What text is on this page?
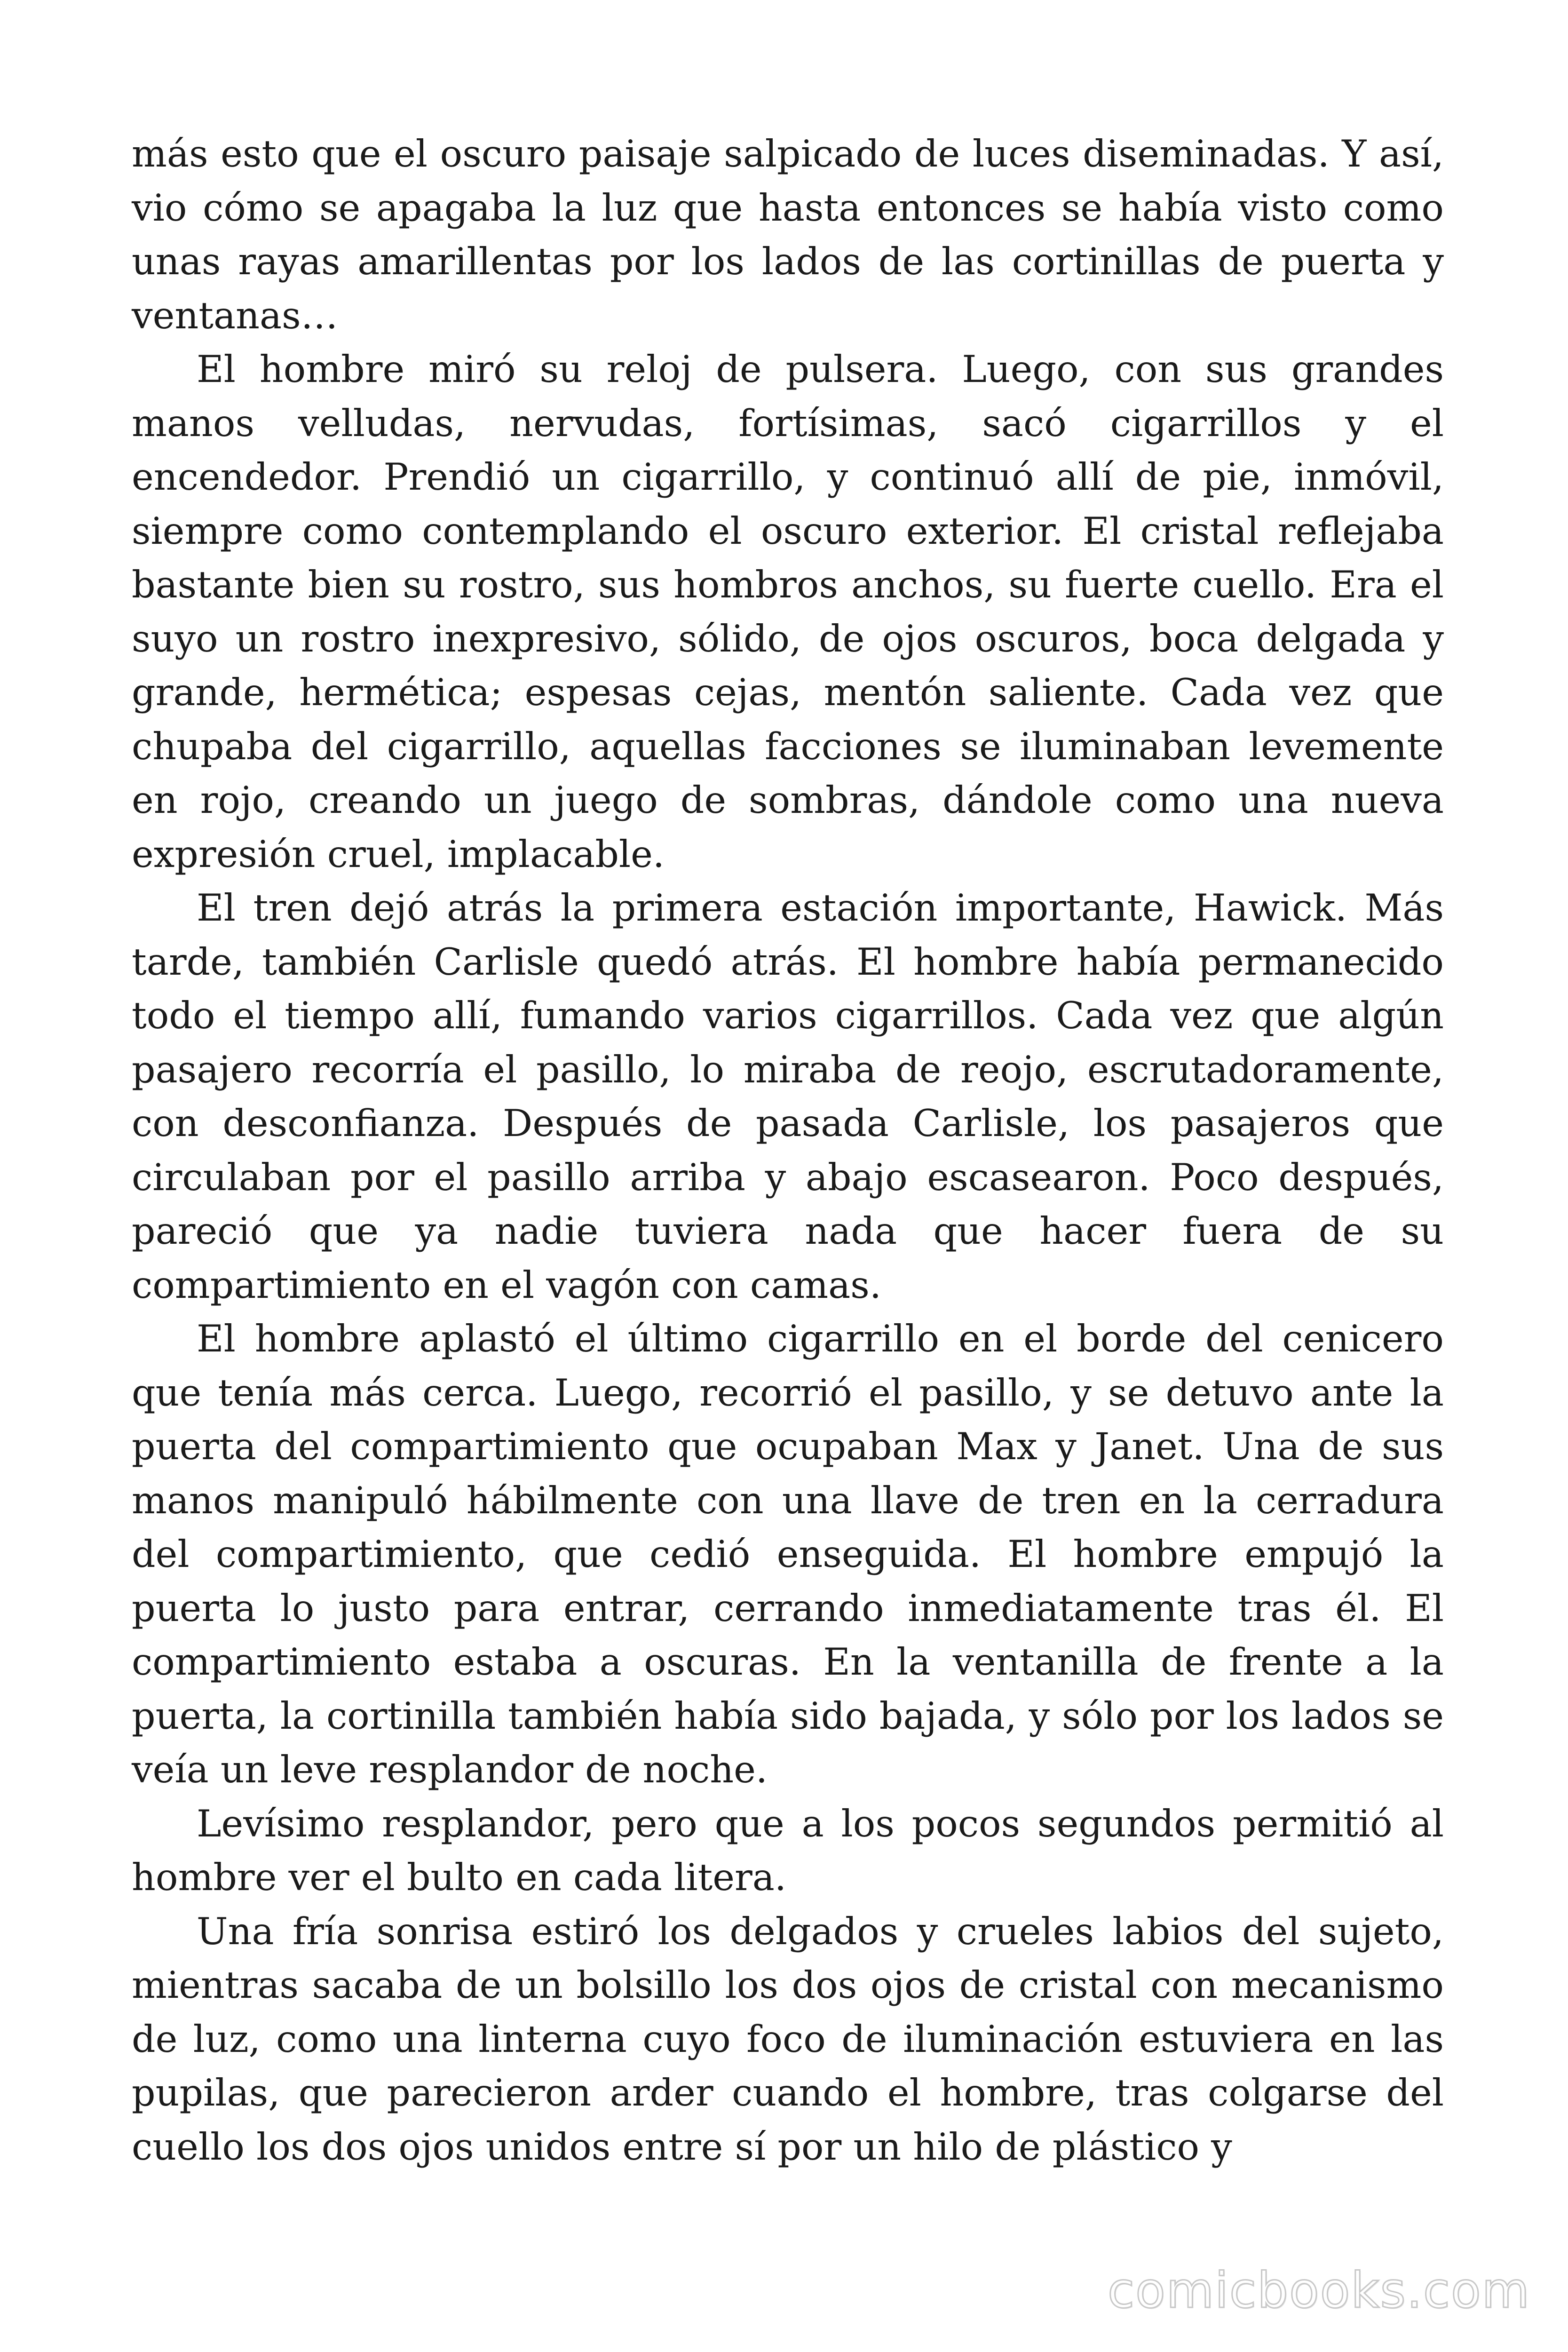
más esto que el oscuro paisaje salpicado de luces diseminadas. Y así, vio cómo se apagaba la luz que hasta entonces se había visto como unas rayas amarillentas por los lados de las cortinillas de puerta y ventanas…

El hombre miró su reloj de pulsera. Luego, con sus grandes manos velludas, nervudas, fortísimas, sacó cigarrillos y el encendedor. Prendió un cigarrillo, y continuó allí de pie, inmóvil, siempre como contemplando el oscuro exterior. El cristal reflejaba bastante bien su rostro, sus hombros anchos, su fuerte cuello. Era el suyo un rostro inexpresivo, sólido, de ojos oscuros, boca delgada y grande, hermética; espesas cejas, mentón saliente. Cada vez que chupaba del cigarrillo, aquellas facciones se iluminaban levemente en rojo, creando un juego de sombras, dándole como una nueva expresión cruel, implacable.

El tren dejó atrás la primera estación importante, Hawick. Más tarde, también Carlisle quedó atrás. El hombre había permanecido todo el tiempo allí, fumando varios cigarrillos. Cada vez que algún pasajero recorría el pasillo, lo miraba de reojo, escrutadoramente, con desconfianza. Después de pasada Carlisle, los pasajeros que circulaban por el pasillo arriba y abajo escasearon. Poco después, pareció que ya nadie tuviera nada que hacer fuera de su compartimiento en el vagón con camas.

El hombre aplastó el último cigarrillo en el borde del cenicero que tenía más cerca. Luego, recorrió el pasillo, y se detuvo ante la puerta del compartimiento que ocupaban Max y Janet. Una de sus manos manipuló hábilmente con una llave de tren en la cerradura del compartimiento, que cedió enseguida. El hombre empujó la puerta lo justo para entrar, cerrando inmediatamente tras él. El compartimiento estaba a oscuras. En la ventanilla de frente a la puerta, la cortinilla también había sido bajada, y sólo por los lados se veía un leve resplandor de noche.

Levísimo resplandor, pero que a los pocos segundos permitió al hombre ver el bulto en cada litera.

Una fría sonrisa estiró los delgados y crueles labios del sujeto, mientras sacaba de un bolsillo los dos ojos de cristal con mecanismo de luz, como una linterna cuyo foco de iluminación estuviera en las pupilas, que parecieron arder cuando el hombre, tras colgarse del cuello los dos ojos unidos entre sí por un hilo de plástico y

comicbooks.com
